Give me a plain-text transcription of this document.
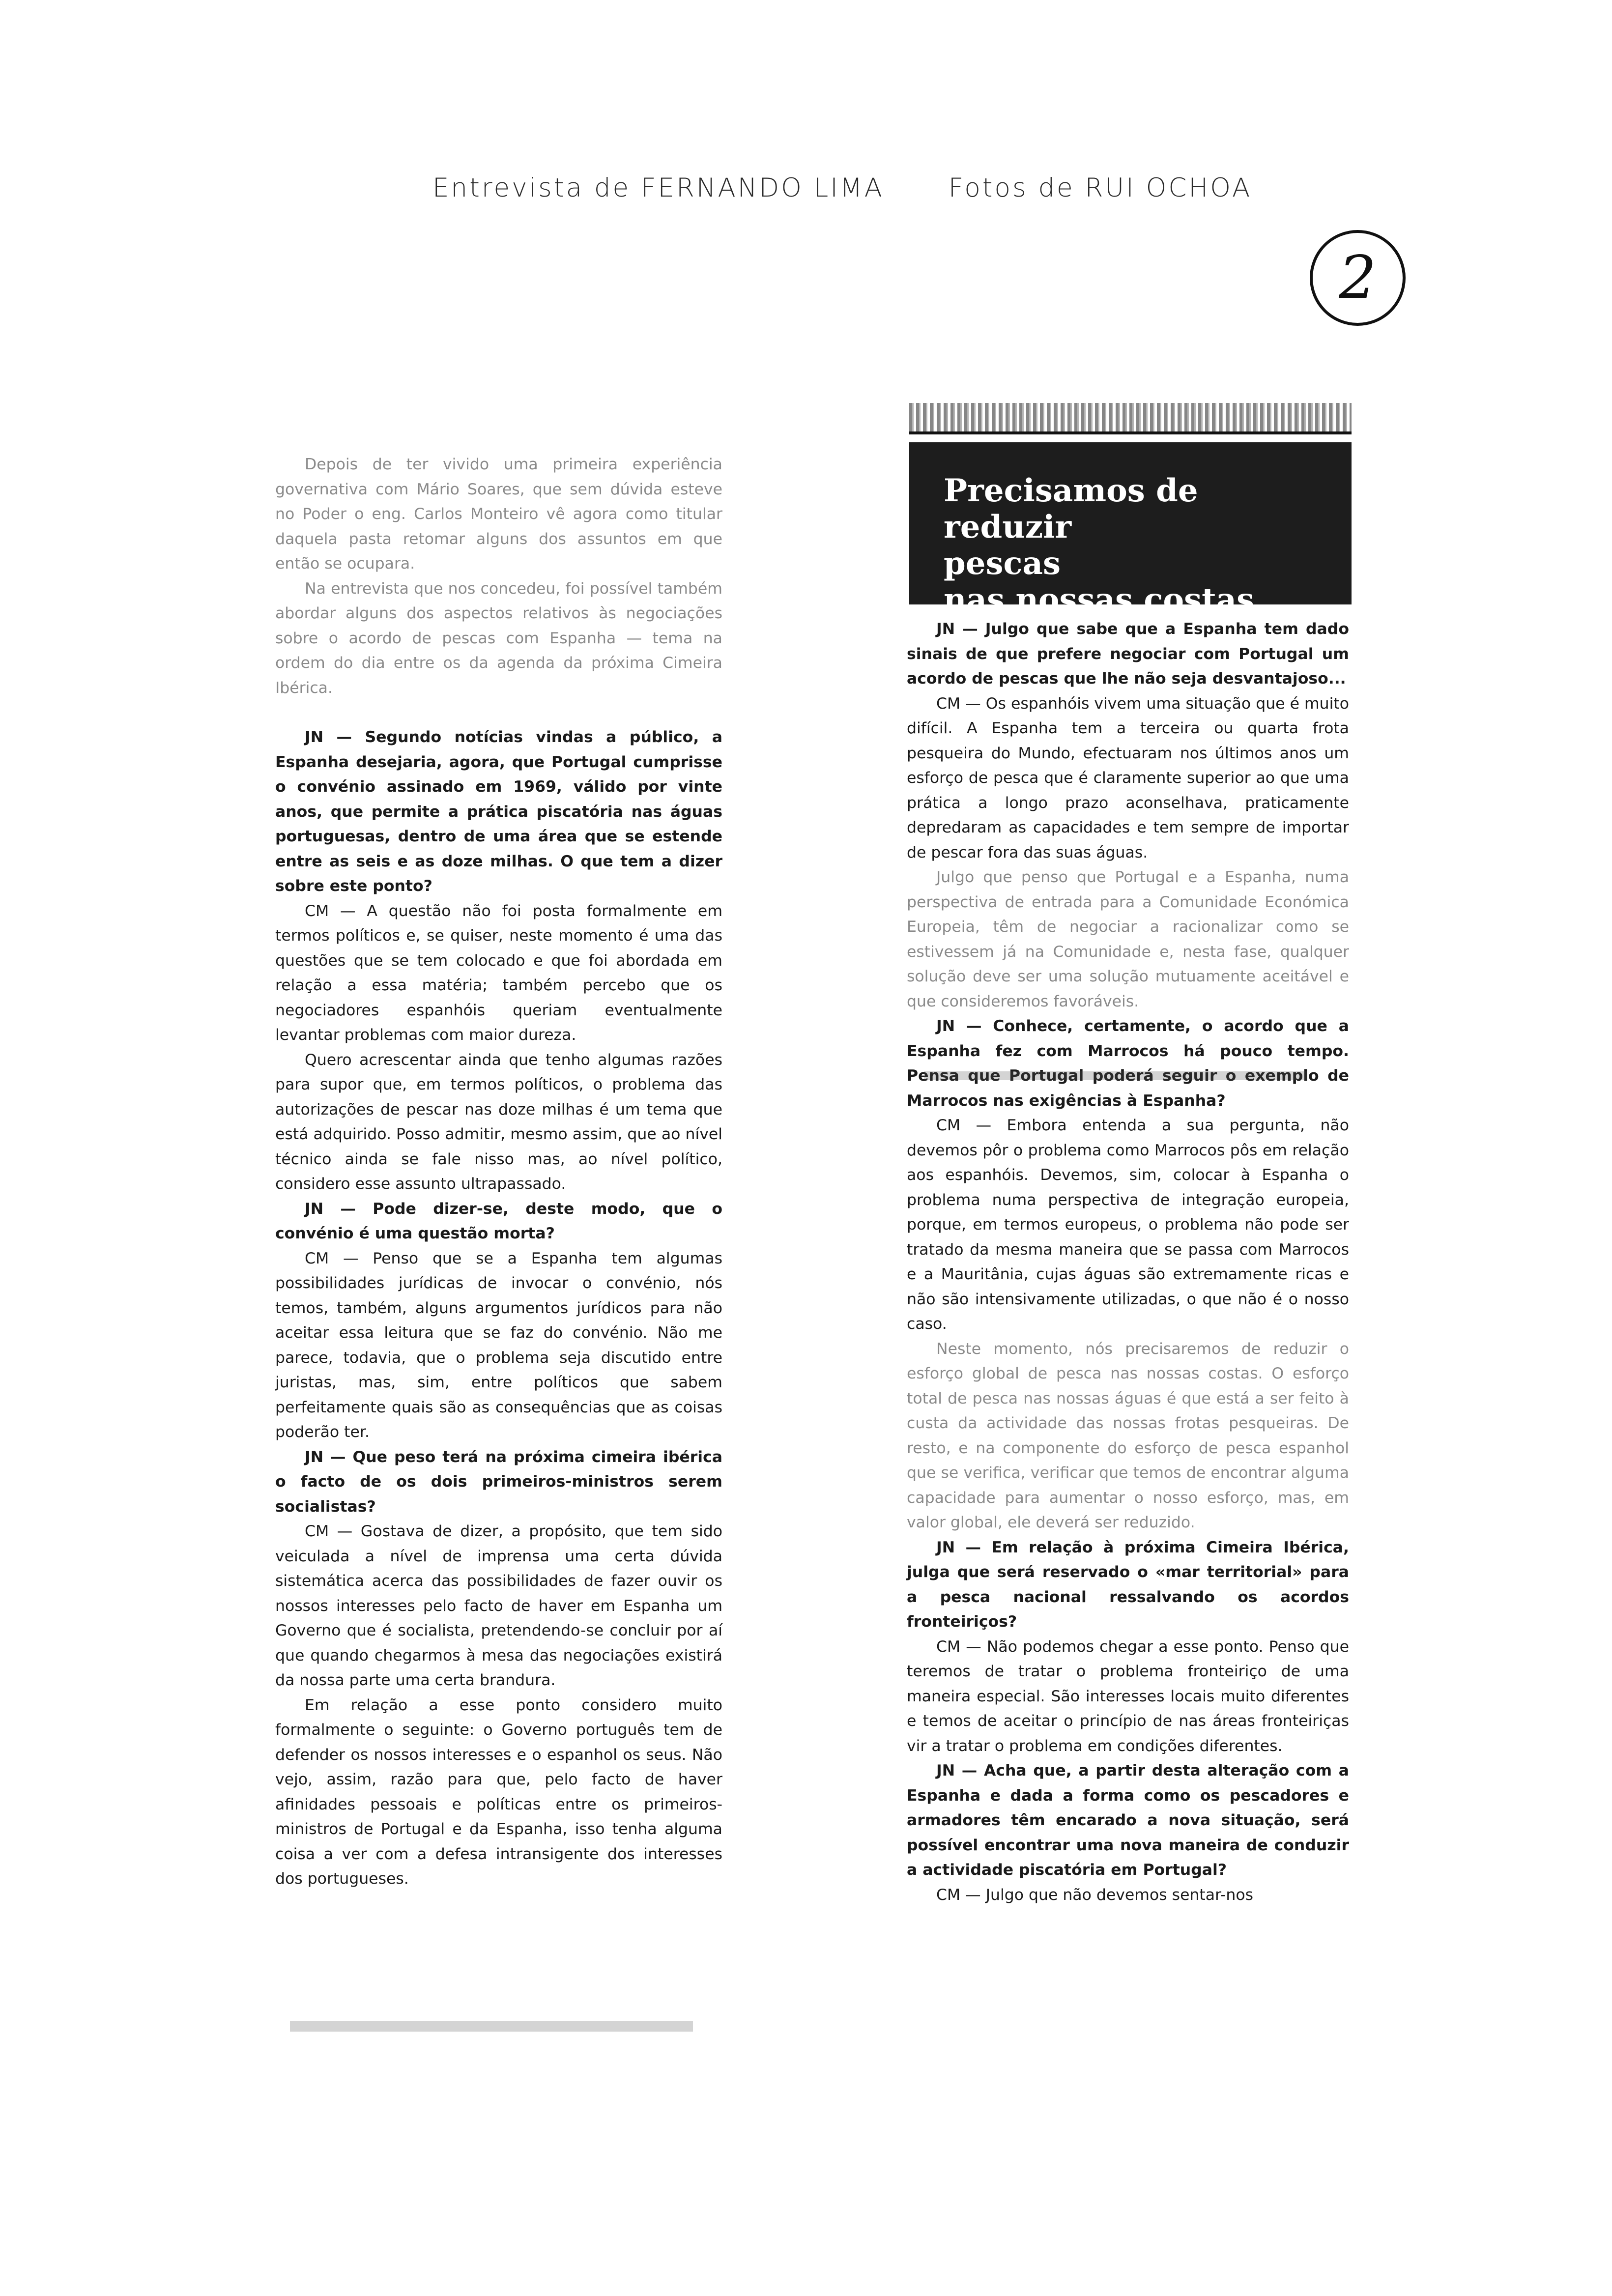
Entrevista de FERNANDO LIMA Fotos de RUI OCHOA
2
Precisamos de reduzir
pescas
nas nossas costas

Depois de ter vivido uma primeira experiência governativa com Mário Soares, que sem dúvida esteve no Poder o eng. Carlos Monteiro vê agora como titular daquela pasta retomar alguns dos assuntos em que então se ocupara.

Na entrevista que nos concedeu, foi possível também abordar alguns dos aspectos relativos às negociações sobre o acordo de pescas com Espanha — tema na ordem do dia entre os da agenda da próxima Cimeira Ibérica.

JN — Segundo notícias vindas a público, a Espanha desejaria, agora, que Portugal cumprisse o convénio assinado em 1969, válido por vinte anos, que permite a prática piscatória nas águas portuguesas, dentro de uma área que se estende entre as seis e as doze milhas. O que tem a dizer sobre este ponto?

CM — A questão não foi posta formalmente em termos políticos e, se quiser, neste momento é uma das questões que se tem colocado e que foi abordada em relação a essa matéria; também percebo que os negociadores espanhóis queriam eventualmente levantar problemas com maior dureza.

Quero acrescentar ainda que tenho algumas razões para supor que, em termos políticos, o problema das autorizações de pescar nas doze milhas é um tema que está adquirido. Posso admitir, mesmo assim, que ao nível técnico ainda se fale nisso mas, ao nível político, considero esse assunto ultrapassado.

JN — Pode dizer-se, deste modo, que o convénio é uma questão morta?

CM — Penso que se a Espanha tem algumas possibilidades jurídicas de invocar o convénio, nós temos, também, alguns argumentos jurídicos para não aceitar essa leitura que se faz do convénio. Não me parece, todavia, que o problema seja discutido entre juristas, mas, sim, entre políticos que sabem perfeitamente quais são as consequências que as coisas poderão ter.

JN — Que peso terá na próxima cimeira ibérica o facto de os dois primeiros-ministros serem socialistas?

CM — Gostava de dizer, a propósito, que tem sido veiculada a nível de imprensa uma certa dúvida sistemática acerca das possibilidades de fazer ouvir os nossos interesses pelo facto de haver em Espanha um Governo que é socialista, pretendendo-se concluir por aí que quando chegarmos à mesa das negociações existirá da nossa parte uma certa brandura.

Em relação a esse ponto considero muito formalmente o seguinte: o Governo português tem de defender os nossos interesses e o espanhol os seus. Não vejo, assim, razão para que, pelo facto de haver afinidades pessoais e políticas entre os primeiros-ministros de Portugal e da Espanha, isso tenha alguma coisa a ver com a defesa intransigente dos interesses dos portugueses.

JN — Julgo que sabe que a Espanha tem dado sinais de que prefere negociar com Portugal um acordo de pescas que lhe não seja desvantajoso...

CM — Os espanhóis vivem uma situação que é muito difícil. A Espanha tem a terceira ou quarta frota pesqueira do Mundo, efectuaram nos últimos anos um esforço de pesca que é claramente superior ao que uma prática a longo prazo aconselhava, praticamente depredaram as capacidades e tem sempre de importar de pescar fora das suas águas.

Julgo que penso que Portugal e a Espanha, numa perspectiva de entrada para a Comunidade Económica Europeia, têm de negociar a racionalizar como se estivessem já na Comunidade e, nesta fase, qualquer solução deve ser uma solução mutuamente aceitável e que consideremos favoráveis.

JN — Conhece, certamente, o acordo que a Espanha fez com Marrocos há pouco tempo. Pensa que Portugal poderá seguir o exemplo de Marrocos nas exigências à Espanha?

CM — Embora entenda a sua pergunta, não devemos pôr o problema como Marrocos pôs em relação aos espanhóis. Devemos, sim, colocar à Espanha o problema numa perspectiva de integração europeia, porque, em termos europeus, o problema não pode ser tratado da mesma maneira que se passa com Marrocos e a Mauritânia, cujas águas são extremamente ricas e não são intensivamente utilizadas, o que não é o nosso caso.

Neste momento, nós precisaremos de reduzir o esforço global de pesca nas nossas costas. O esforço total de pesca nas nossas águas é que está a ser feito à custa da actividade das nossas frotas pesqueiras. De resto, e na componente do esforço de pesca espanhol que se verifica, verificar que temos de encontrar alguma capacidade para aumentar o nosso esforço, mas, em valor global, ele deverá ser reduzido.

JN — Em relação à próxima Cimeira Ibérica, julga que será reservado o «mar territorial» para a pesca nacional ressalvando os acordos fronteiriços?

CM — Não podemos chegar a esse ponto. Penso que teremos de tratar o problema fronteiriço de uma maneira especial. São interesses locais muito diferentes e temos de aceitar o princípio de nas áreas fronteiriças vir a tratar o problema em condições diferentes.

JN — Acha que, a partir desta alteração com a Espanha e dada a forma como os pescadores e armadores têm encarado a nova situação, será possível encontrar uma nova maneira de conduzir a actividade piscatória em Portugal?

CM — Julgo que não devemos sentar-nos
